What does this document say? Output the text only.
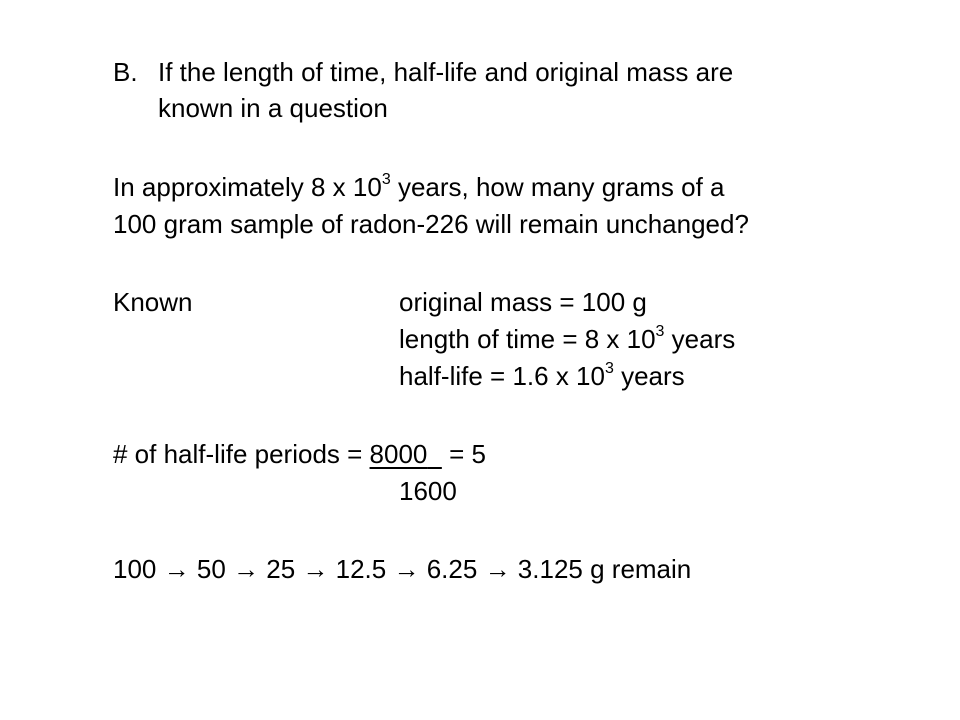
B. If the length of time, half-life and original mass are
known in a question
In approximately 8 x $10^3$ years, how many grams of a
100 gram sample of radon-226 will remain unchanged?
Known	original mass = 100 g
length of time = 8 x $10^3$ years
half-life = 1.6 x $10^3$ years
# of half-life periods = 8000   = 5
1600
100 → 50 → 25 → 12.5 → 6.25 → 3.125 g remain
